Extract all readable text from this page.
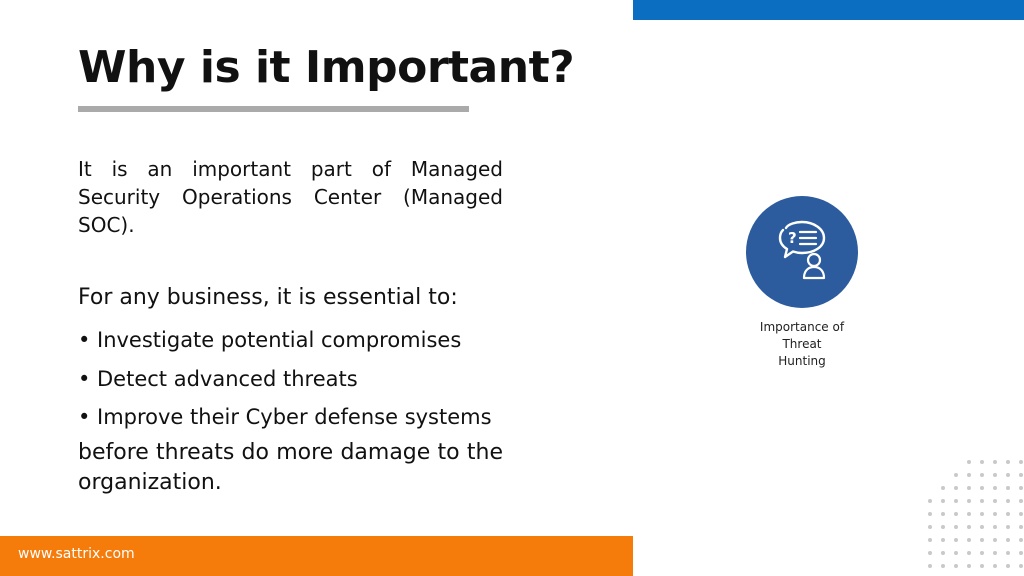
Why is it Important?

It is an important part of Managed Security Operations Center (Managed SOC).

For any business, it is essential to:

• Investigate potential compromises
• Detect advanced threats
• Improve their Cyber defense systems

before threats do more damage to the organization.

?
Importance of
Threat
Hunting
www.sattrix.com
